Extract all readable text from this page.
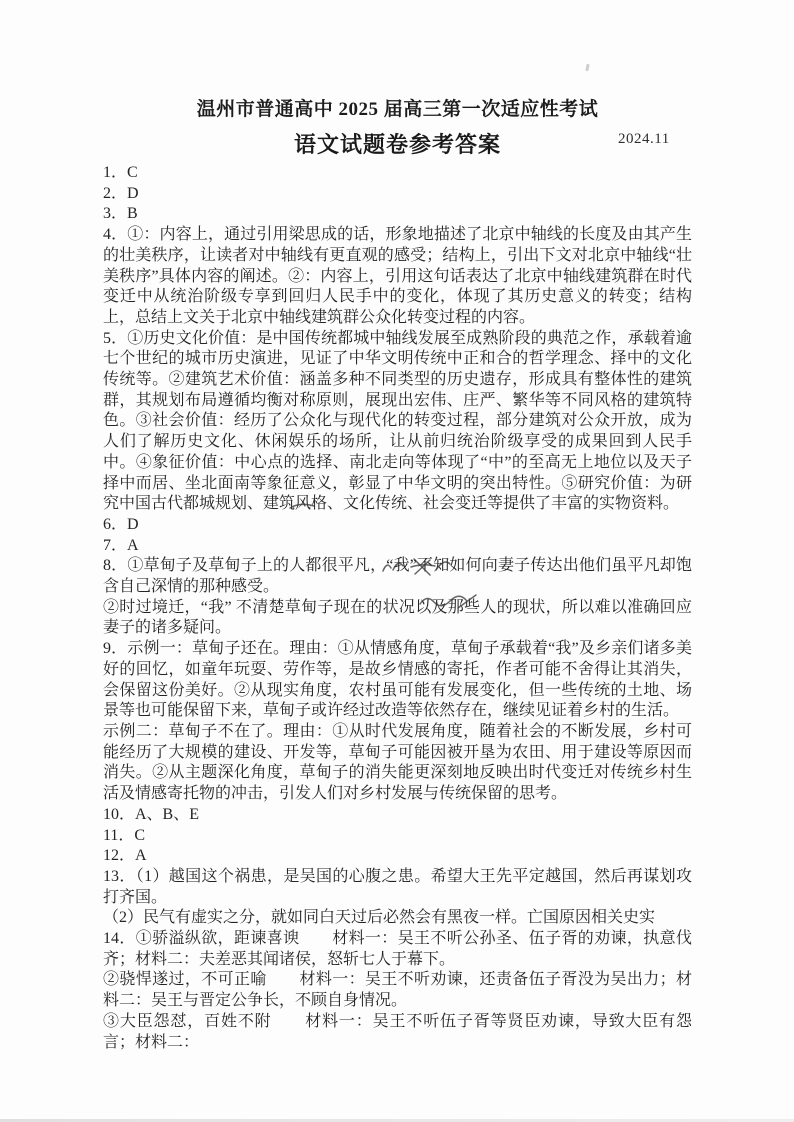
温州市普通高中 2025 届高三第一次适应性考试
语文试题卷参考答案	2024.11

1．C

2．D

3．B

4．①：内容上，通过引用梁思成的话，形象地描述了北京中轴线的长度及由其产生的壮美秩序，让读者对中轴线有更直观的感受；结构上，引出下文对北京中轴线“壮美秩序”具体内容的阐述。②：内容上，引用这句话表达了北京中轴线建筑群在时代变迁中从统治阶级专享到回归人民手中的变化，体现了其历史意义的转变；结构上，总结上文关于北京中轴线建筑群公众化转变过程的内容。

5．①历史文化价值：是中国传统都城中轴线发展至成熟阶段的典范之作，承载着逾七个世纪的城市历史演进，见证了中华文明传统中正和合的哲学理念、择中的文化传统等。②建筑艺术价值：涵盖多种不同类型的历史遗存，形成具有整体性的建筑群，其规划布局遵循均衡对称原则，展现出宏伟、庄严、繁华等不同风格的建筑特色。③社会价值：经历了公众化与现代化的转变过程，部分建筑对公众开放，成为人们了解历史文化、休闲娱乐的场所，让从前归统治阶级享受的成果回到人民手中。④象征价值：中心点的选择、南北走向等体现了“中”的至高无上地位以及天子择中而居、坐北面南等象征意义，彰显了中华文明的突出特性。⑤研究价值：为研究中国古代都城规划、建筑风格、文化传统、社会变迁等提供了丰富的实物资料。

6．D

7．A

8．①草甸子及草甸子上的人都很平凡，“我”不知如何向妻子传达出他们虽平凡却饱含自己深情的那种感受。

②时过境迁，“我” 不清楚草甸子现在的状况以及那些人的现状，所以难以准确回应妻子的诸多疑问。

9．示例一：草甸子还在。理由：①从情感角度，草甸子承载着“我”及乡亲们诸多美好的回忆，如童年玩耍、劳作等，是故乡情感的寄托，作者可能不舍得让其消失，会保留这份美好。②从现实角度，农村虽可能有发展变化，但一些传统的土地、场景等也可能保留下来，草甸子或许经过改造等依然存在，继续见证着乡村的生活。

示例二：草甸子不在了。理由：①从时代发展角度，随着社会的不断发展，乡村可能经历了大规模的建设、开发等，草甸子可能因被开垦为农田、用于建设等原因而消失。②从主题深化角度，草甸子的消失能更深刻地反映出时代变迁对传统乡村生活及情感寄托物的冲击，引发人们对乡村发展与传统保留的思考。

10．A、B、E

11．C

12．A

13．（1）越国这个祸患，是吴国的心腹之患。希望大王先平定越国，然后再谋划攻打齐国。

（2）民气有虚实之分，就如同白天过后必然会有黑夜一样。亡国原因相关史实

14．①骄溢纵欲，距谏喜谀　　材料一：吴王不听公孙圣、伍子胥的劝谏，执意伐齐；材料二：夫差恶其闻诸侯，怒斩七人于幕下。

②骁悍遂过，不可正喻　　材料一：吴王不听劝谏，还责备伍子胥没为吴出力；材料二：吴王与晋定公争长，不顾自身情况。

③大臣怨怼，百姓不附　　材料一：吴王不听伍子胥等贤臣劝谏，导致大臣有怨言；材料二：
